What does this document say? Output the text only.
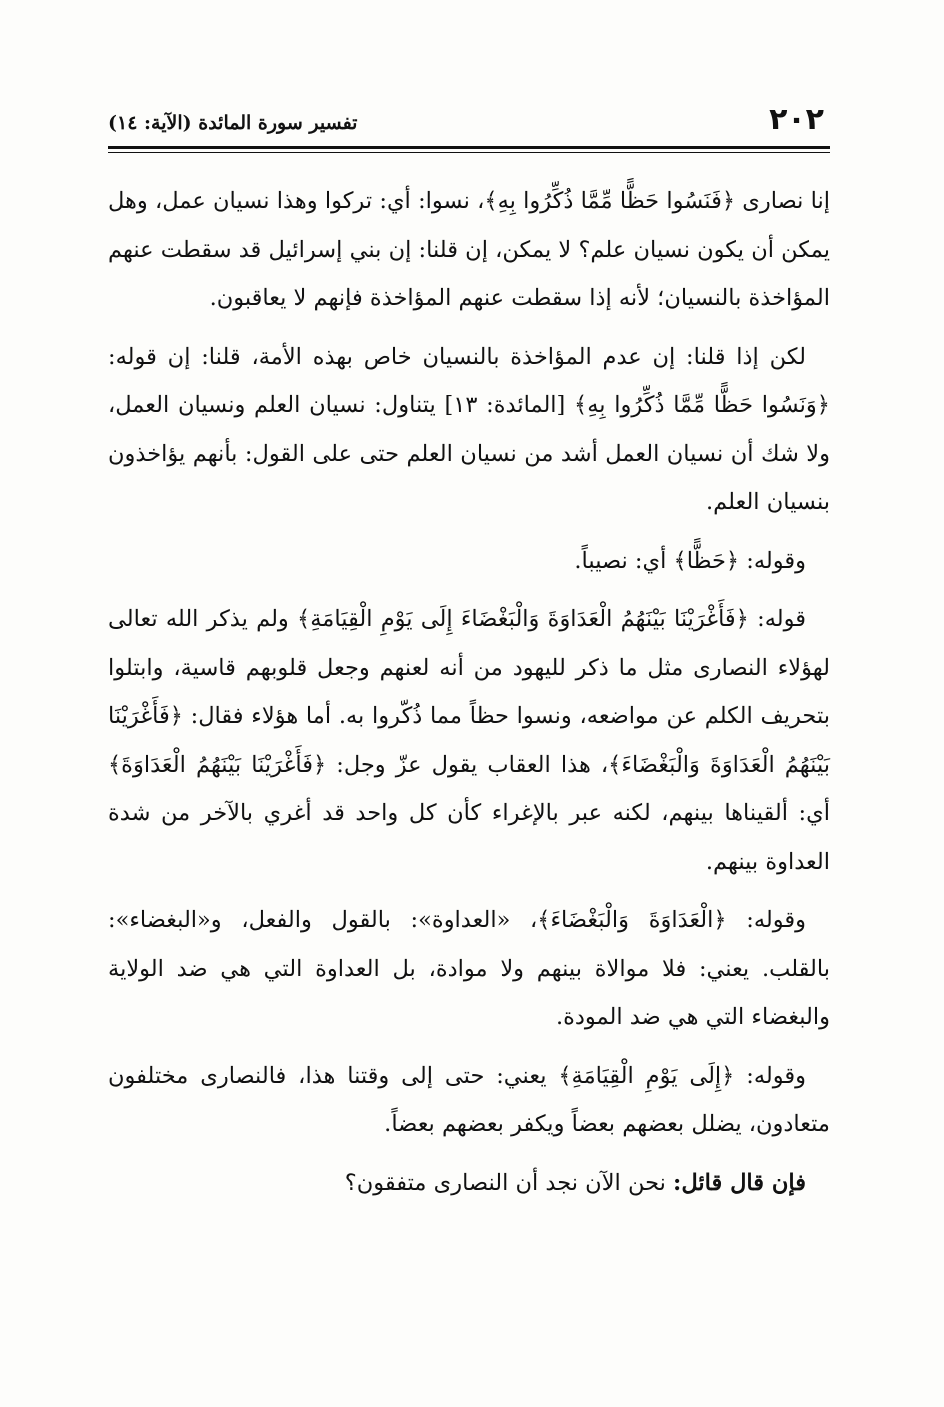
٢٠٢
تفسير سورة المائدة (الآية: ١٤)

إنا نصارى ﴿فَنَسُوا حَظًّا مِّمَّا ذُكِّرُوا بِهِ﴾، نسوا: أي: تركوا وهذا نسيان عمل، وهل يمكن أن يكون نسيان علم؟ لا يمكن، إن قلنا: إن بني إسرائيل قد سقطت عنهم المؤاخذة بالنسيان؛ لأنه إذا سقطت عنهم المؤاخذة فإنهم لا يعاقبون.

لكن إذا قلنا: إن عدم المؤاخذة بالنسيان خاص بهذه الأمة، قلنا: إن قوله: ﴿وَنَسُوا حَظًّا مِّمَّا ذُكِّرُوا بِهِ﴾ [المائدة: ١٣] يتناول: نسيان العلم ونسيان العمل، ولا شك أن نسيان العمل أشد من نسيان العلم حتى على القول: بأنهم يؤاخذون بنسيان العلم.

وقوله: ﴿حَظًّا﴾ أي: نصيباً.

قوله: ﴿فَأَغْرَيْنَا بَيْنَهُمُ الْعَدَاوَةَ وَالْبَغْضَاءَ إِلَى يَوْمِ الْقِيَامَةِ﴾ ولم يذكر الله تعالى لهؤلاء النصارى مثل ما ذكر لليهود من أنه لعنهم وجعل قلوبهم قاسية، وابتلوا بتحريف الكلم عن مواضعه، ونسوا حظاً مما ذُكّروا به. أما هؤلاء فقال: ﴿فَأَغْرَيْنَا بَيْنَهُمُ الْعَدَاوَةَ وَالْبَغْضَاءَ﴾، هذا العقاب يقول عزّ وجل: ﴿فَأَغْرَيْنَا بَيْنَهُمُ الْعَدَاوَةَ﴾ أي: ألقيناها بينهم، لكنه عبر بالإغراء كأن كل واحد قد أغري بالآخر من شدة العداوة بينهم.

وقوله: ﴿الْعَدَاوَةَ وَالْبَغْضَاءَ﴾، «العداوة»: بالقول والفعل، و«البغضاء»: بالقلب. يعني: فلا موالاة بينهم ولا موادة، بل العداوة التي هي ضد الولاية والبغضاء التي هي ضد المودة.

وقوله: ﴿إِلَى يَوْمِ الْقِيَامَةِ﴾ يعني: حتى إلى وقتنا هذا، فالنصارى مختلفون متعادون، يضلل بعضهم بعضاً ويكفر بعضهم بعضاً.

فإن قال قائل: نحن الآن نجد أن النصارى متفقون؟
